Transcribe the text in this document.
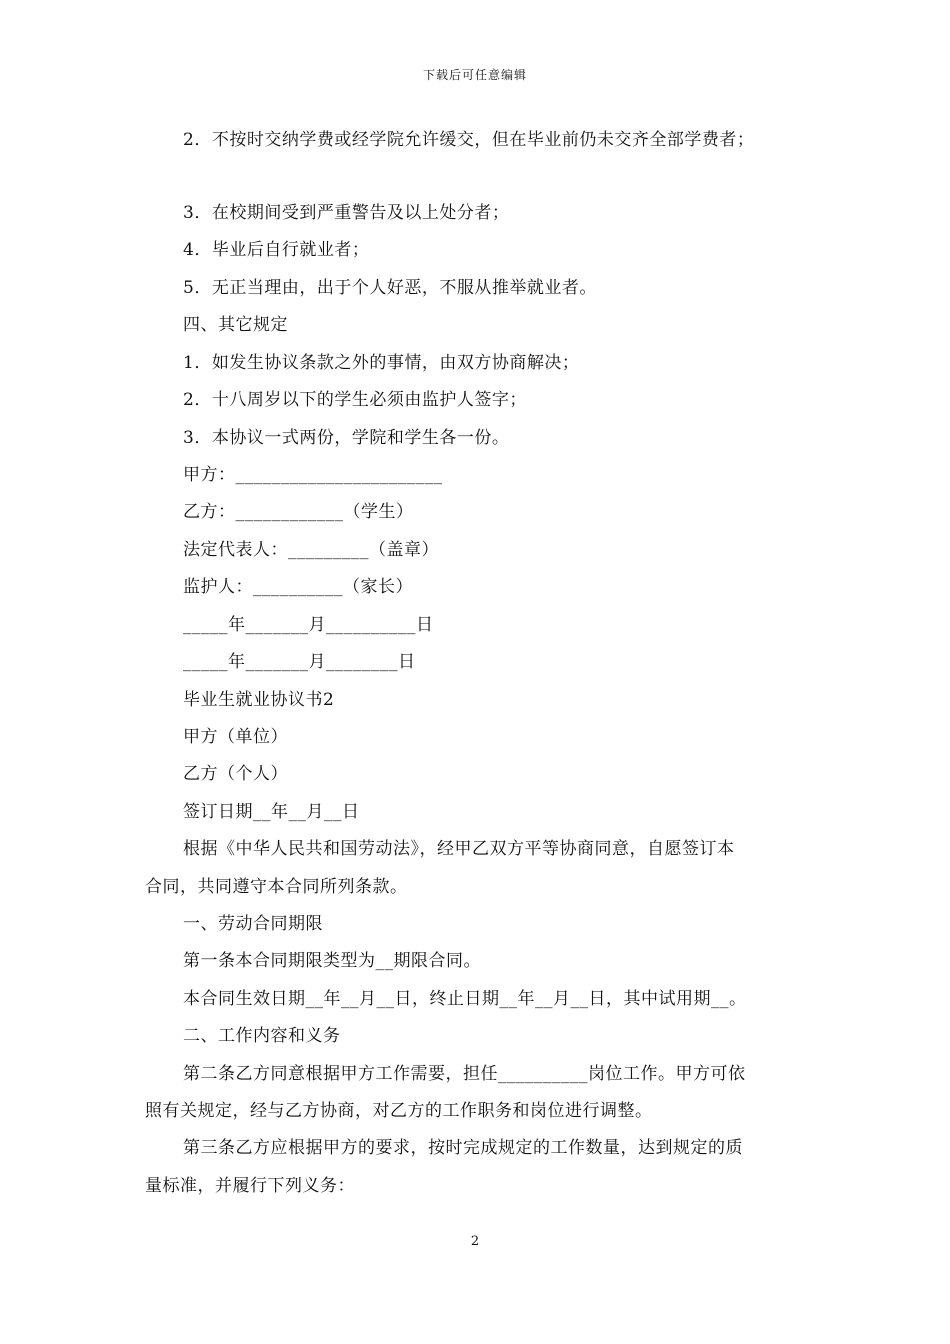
下载后可任意编辑
2．不按时交纳学费或经学院允许缓交，但在毕业前仍未交齐全部学费者；
3．在校期间受到严重警告及以上处分者；
4．毕业后自行就业者；
5．无正当理由，出于个人好恶，不服从推举就业者。
四、其它规定
1．如发生协议条款之外的事情，由双方协商解决；
2．十八周岁以下的学生必须由监护人签字；
3．本协议一式两份，学院和学生各一份。
甲方：_______________________
乙方：____________（学生）
法定代表人：_________（盖章）
监护人：__________（家长）
_____年_______月__________日
_____年_______月________日
毕业生就业协议书2
甲方（单位）
乙方（个人）
签订日期__年__月__日
根据《中华人民共和国劳动法》，经甲乙双方平等协商同意，自愿签订本
合同，共同遵守本合同所列条款。
一、劳动合同期限
第一条本合同期限类型为__期限合同。
本合同生效日期__年__月__日，终止日期__年__月__日，其中试用期__。
二、工作内容和义务
第二条乙方同意根据甲方工作需要，担任__________岗位工作。甲方可依
照有关规定，经与乙方协商，对乙方的工作职务和岗位进行调整。
第三条乙方应根据甲方的要求，按时完成规定的工作数量，达到规定的质
量标准，并履行下列义务：
2
